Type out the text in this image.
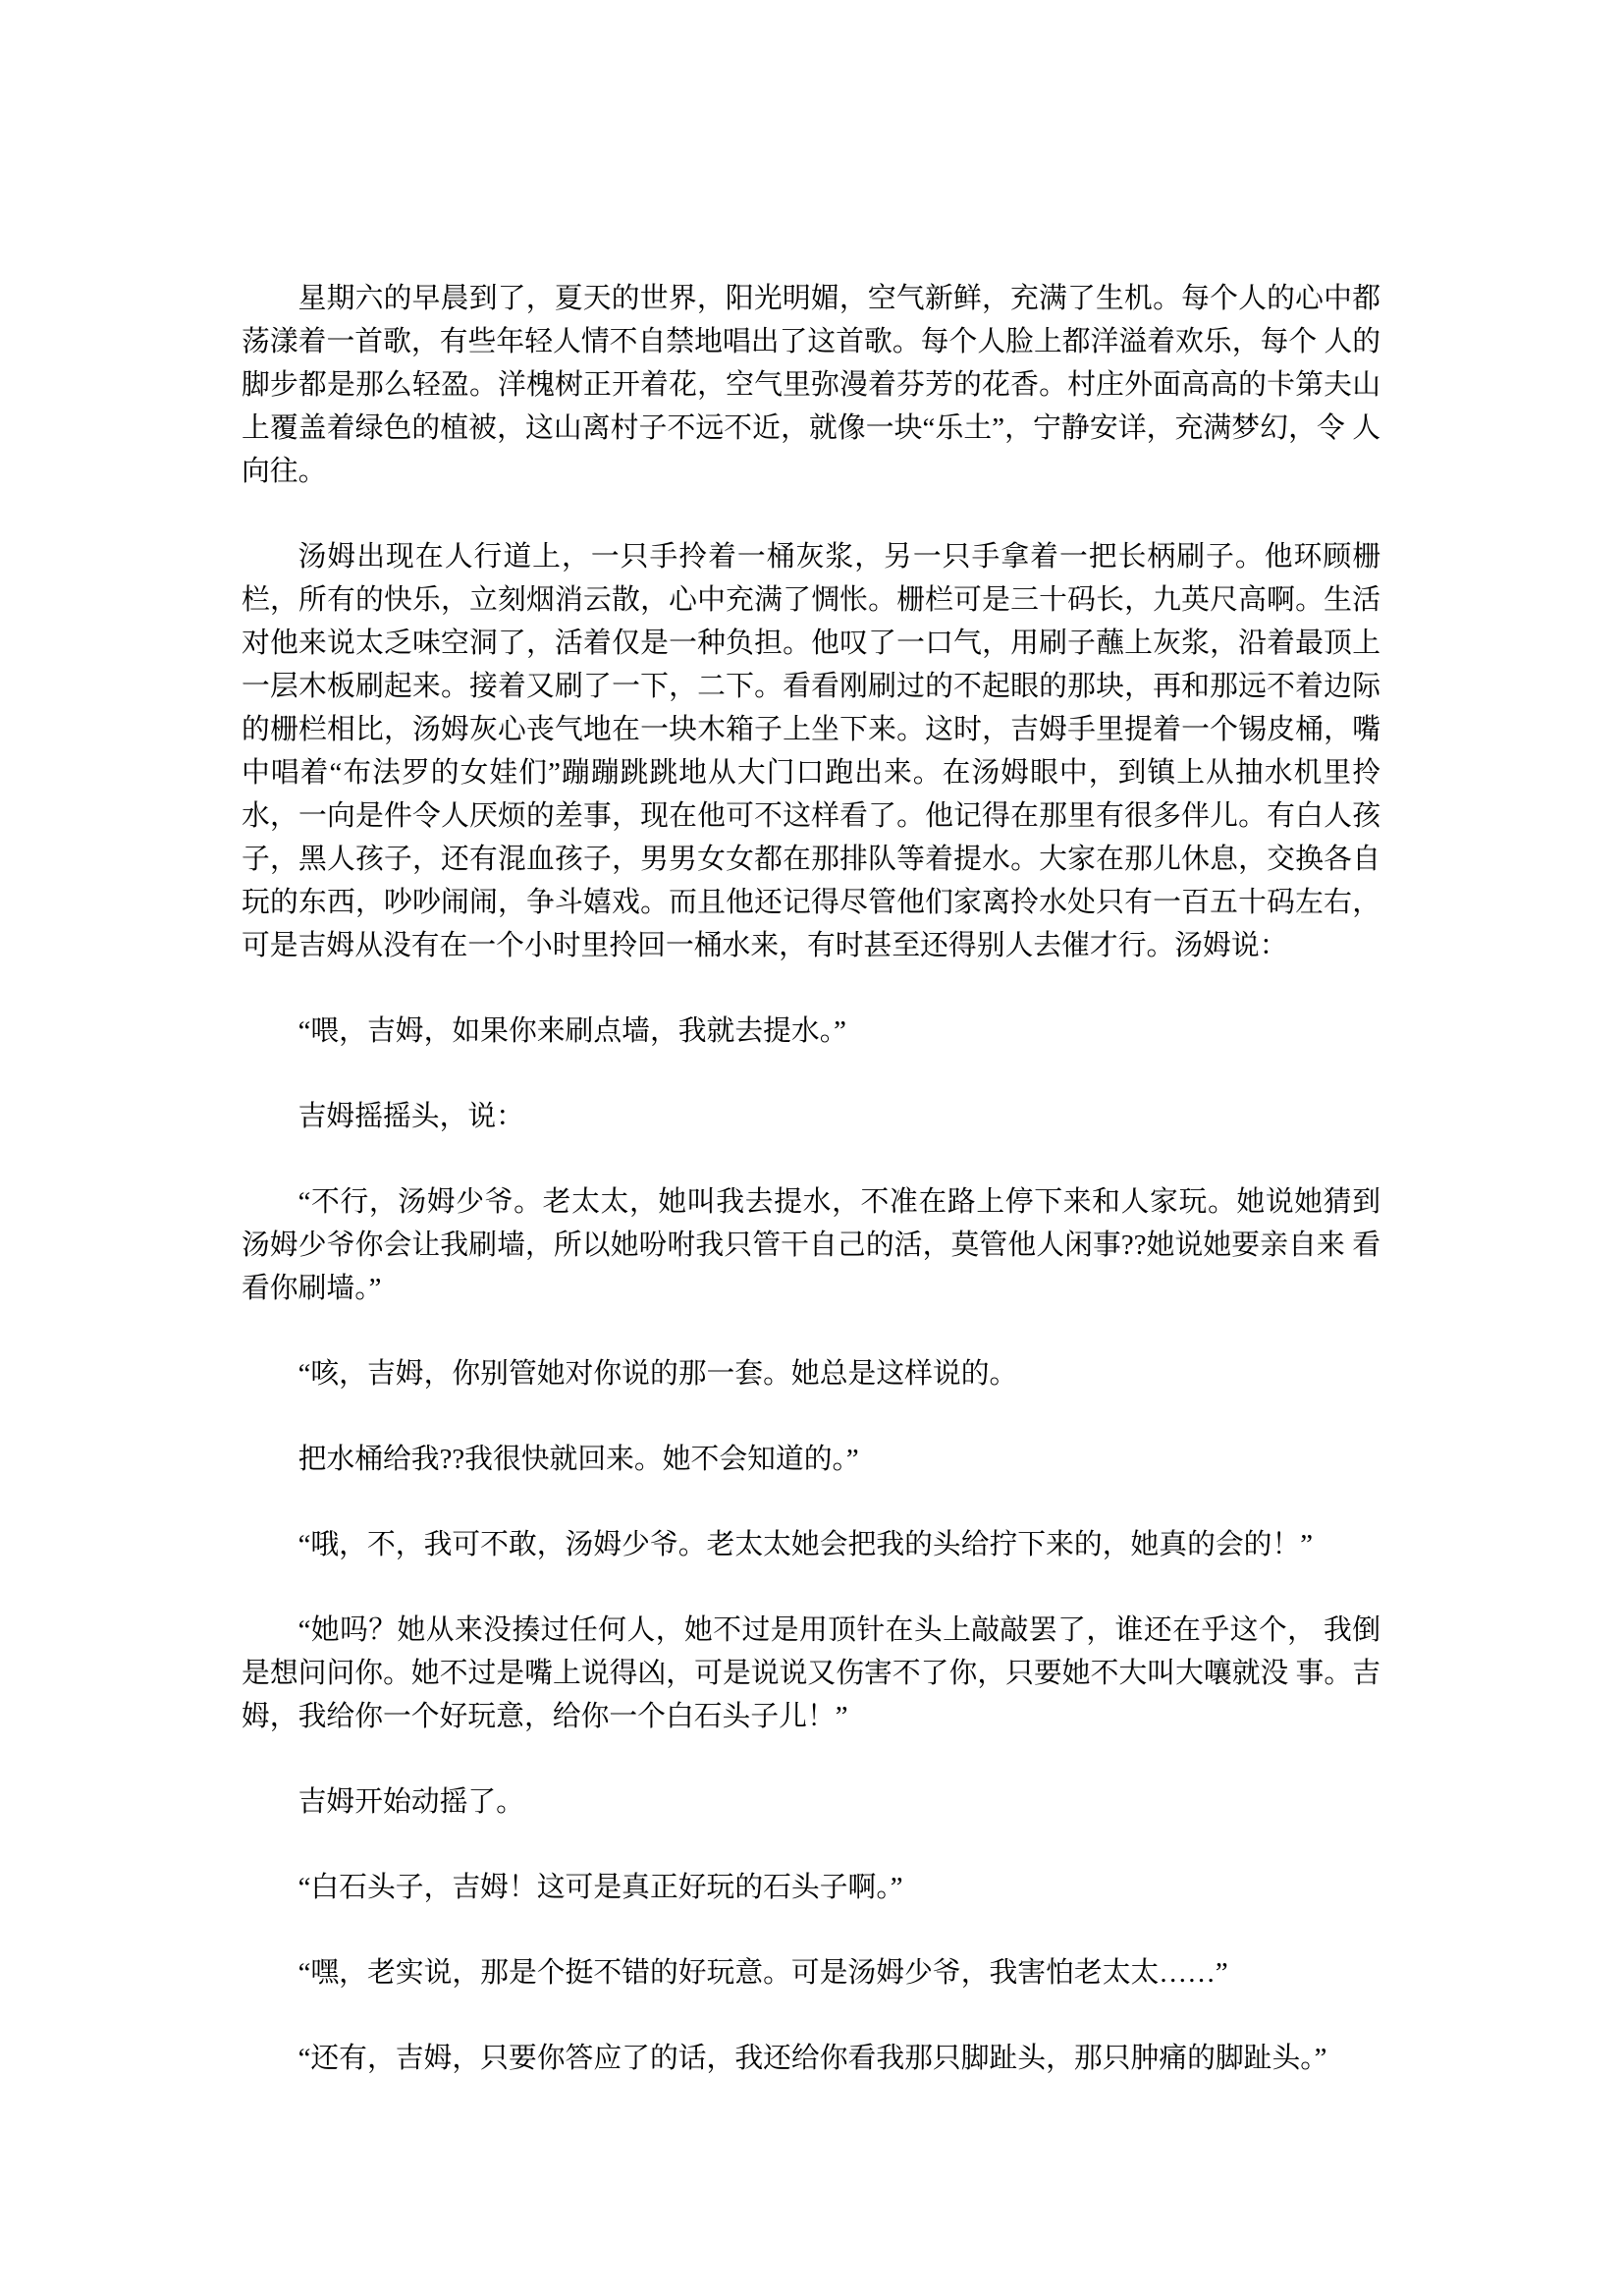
星期六的早晨到了，夏天的世界，阳光明媚，空气新鲜，充满了生机。每个人的心中都 荡漾着一首歌，有些年轻人情不自禁地唱出了这首歌。每个人脸上都洋溢着欢乐，每个 人的 脚步都是那么轻盈。洋槐树正开着花，空气里弥漫着芬芳的花香。村庄外面高高的卡第夫山 上覆盖着绿色的植被，这山离村子不远不近，就像一块“乐土”，宁静安详，充满梦幻，令 人向往。

汤姆出现在人行道上，一只手拎着一桶灰浆，另一只手拿着一把长柄刷子。他环顾栅 栏，所有的快乐，立刻烟消云散，心中充满了惆怅。栅栏可是三十码长，九英尺高啊。生活 对他来说太乏味空洞了，活着仅是一种负担。他叹了一口气，用刷子蘸上灰浆，沿着最顶上 一层木板刷起来。接着又刷了一下，二下。看看刚刷过的不起眼的那块，再和那远不着边际 的栅栏相比，汤姆灰心丧气地在一块木箱子上坐下来。这时，吉姆手里提着一个锡皮桶，嘴 中唱着“布法罗的女娃们”蹦蹦跳跳地从大门口跑出来。在汤姆眼中，到镇上从抽水机里拎 水，一向是件令人厌烦的差事，现在他可不这样看了。他记得在那里有很多伴儿。有白人孩 子，黑人孩子，还有混血孩子，男男女女都在那排队等着提水。大家在那儿休息，交换各自 玩的东西，吵吵闹闹，争斗嬉戏。而且他还记得尽管他们家离拎水处只有一百五十码左右， 可是吉姆从没有在一个小时里拎回一桶水来，有时甚至还得别人去催才行。汤姆说：

“喂，吉姆，如果你来刷点墙，我就去提水。”

吉姆摇摇头，说：

“不行，汤姆少爷。老太太，她叫我去提水，不准在路上停下来和人家玩。她说她猜到汤姆少爷你会让我刷墙，所以她吩咐我只管干自己的活，莫管他人闲事??她说她要亲自来 看看你刷墙。”

“咳，吉姆，你别管她对你说的那一套。她总是这样说的。

把水桶给我??我很快就回来。她不会知道的。”

“哦，不，我可不敢，汤姆少爷。老太太她会把我的头给拧下来的，她真的会的！”

“她吗？她从来没揍过任何人，她不过是用顶针在头上敲敲罢了，谁还在乎这个， 我倒是想问问你。她不过是嘴上说得凶，可是说说又伤害不了你，只要她不大叫大嚷就没 事。吉姆，我给你一个好玩意，给你一个白石头子儿！”

吉姆开始动摇了。

“白石头子，吉姆！这可是真正好玩的石头子啊。”

“嘿，老实说，那是个挺不错的好玩意。可是汤姆少爷，我害怕老太太……”

“还有，吉姆，只要你答应了的话，我还给你看我那只脚趾头，那只肿痛的脚趾头。”
